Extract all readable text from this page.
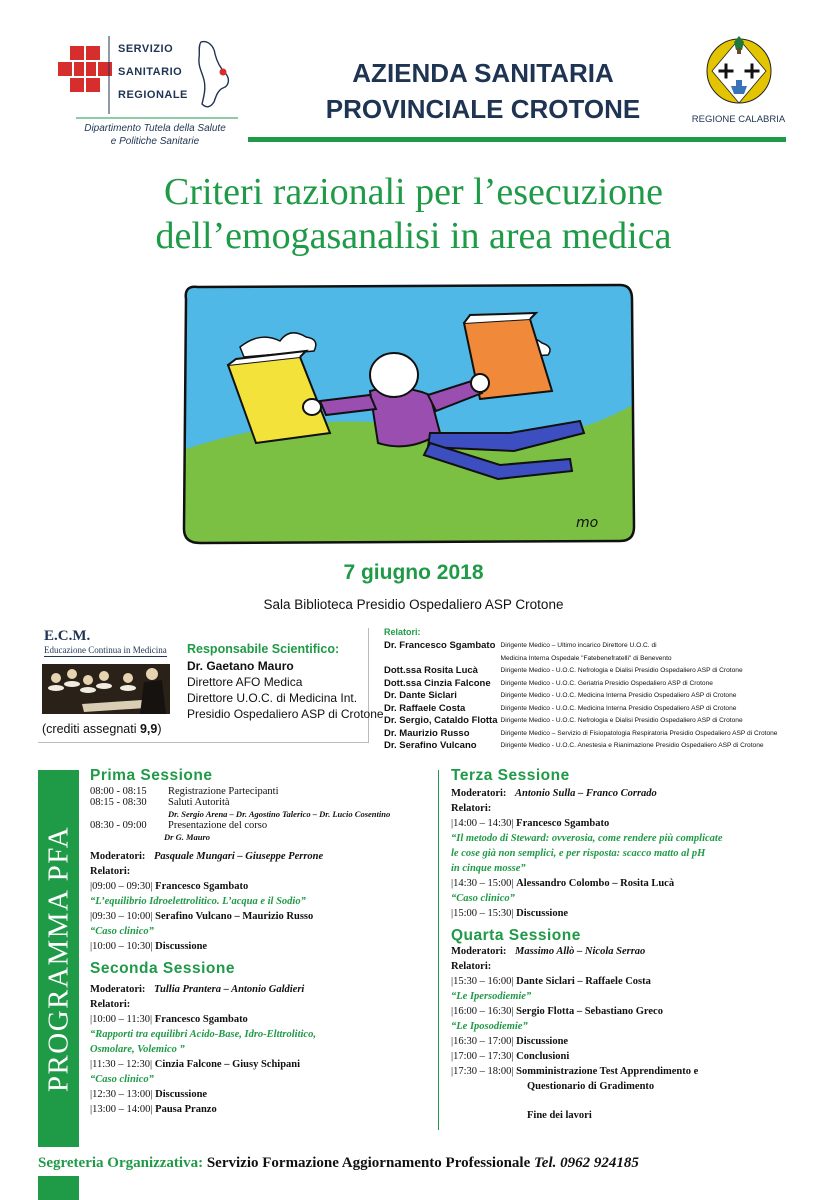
SERVIZIO
SANITARIO
REGIONALE
Dipartimento Tutela della Salute
e Politiche Sanitarie
AZIENDA SANITARIA
PROVINCIALE CROTONE	REGIONE CALABRIA
Criteri razionali per l’esecuzione
dell’emogasanalisi in area medica
mo
7 giugno 2018
Sala Biblioteca Presidio Ospedaliero ASP Crotone
E.C.M.
Educazione Continua in Medicina
(crediti assegnati 9,9)
Responsabile Scientifico:
Dr. Gaetano Mauro
Direttore AFO Medica
Direttore U.O.C. di Medicina Int.
Presidio Ospedaliero ASP di Crotone
Relatori:
Dr. Francesco Sgambato	Dirigente Medico – Ultimo incarico Direttore U.O.C. di
	Medicina Interna Ospedale "Fatebenefratelli" di Benevento
Dott.ssa Rosita Lucà	Dirigente Medico - U.O.C. Nefrologia e Dialisi Presidio Ospedaliero ASP di Crotone
Dott.ssa Cinzia Falcone	Dirigente Medico - U.O.C. Geriatria Presidio Ospedaliero ASP di Crotone
Dr. Dante Siclari	Dirigente Medico - U.O.C. Medicina Interna Presidio Ospedaliero ASP di Crotone
Dr. Raffaele Costa	Dirigente Medico - U.O.C. Medicina Interna Presidio Ospedaliero ASP di Crotone
Dr. Sergio, Cataldo Flotta	Dirigente Medico - U.O.C. Nefrologia e Dialisi Presidio Ospedaliero ASP di Crotone
Dr. Maurizio Russo	Dirigente Medico – Servizio di Fisiopatologia Respiratoria Presidio Ospedaliero ASP di Crotone
Dr. Serafino Vulcano	Dirigente Medico - U.O.C. Anestesia e Rianimazione Presidio Ospedaliero ASP di Crotone
PROGRAMMA PFA
Prima Sessione
08:00 - 08:15 Registrazione Partecipanti
08:15 - 08:30 Saluti Autorità
Dr. Sergio Arena – Dr. Agostino Talerico – Dr. Lucio Cosentino
08:30 - 09:00 Presentazione del corso
Dr G. Mauro
Moderatori: Pasquale Mungari – Giuseppe Perrone
Relatori:
|09:00 – 09:30| Francesco Sgambato
“L’equilibrio Idroelettrolitico. L’acqua e il Sodio”
|09:30 – 10:00| Serafino Vulcano – Maurizio Russo
“Caso clinico”
|10:00 – 10:30| Discussione
Seconda Sessione
Moderatori: Tullia Prantera – Antonio Galdieri
Relatori:
|10:00 – 11:30| Francesco Sgambato
“Rapporti tra equilibri Acido-Base, Idro-Elttrolitico,
Osmolare, Volemico ”
|11:30 – 12:30| Cinzia Falcone – Giusy Schipani
“Caso clinico”
|12:30 – 13:00| Discussione
|13:00 – 14:00| Pausa Pranzo
Terza Sessione
Moderatori: Antonio Sulla – Franco Corrado
Relatori:
|14:00 – 14:30| Francesco Sgambato
“Il metodo di Steward: ovverosia, come rendere più complicate
le cose già non semplici, e per risposta: scacco matto al pH
in cinque mosse”
|14:30 – 15:00| Alessandro Colombo – Rosita Lucà
“Caso clinico”
|15:00 – 15:30| Discussione
Quarta Sessione
Moderatori: Massimo Allò – Nicola Serrao
Relatori:
|15:30 – 16:00| Dante Siclari – Raffaele Costa
“Le Ipersodiemie”
|16:00 – 16:30| Sergio Flotta – Sebastiano Greco
“Le Iposodiemie”
|16:30 – 17:00| Discussione
|17:00 – 17:30| Conclusioni
|17:30 – 18:00| Somministrazione Test Apprendimento e
Questionario di Gradimento
Fine dei lavori
Segreteria Organizzativa: Servizio Formazione Aggiornamento Professionale Tel. 0962 924185
